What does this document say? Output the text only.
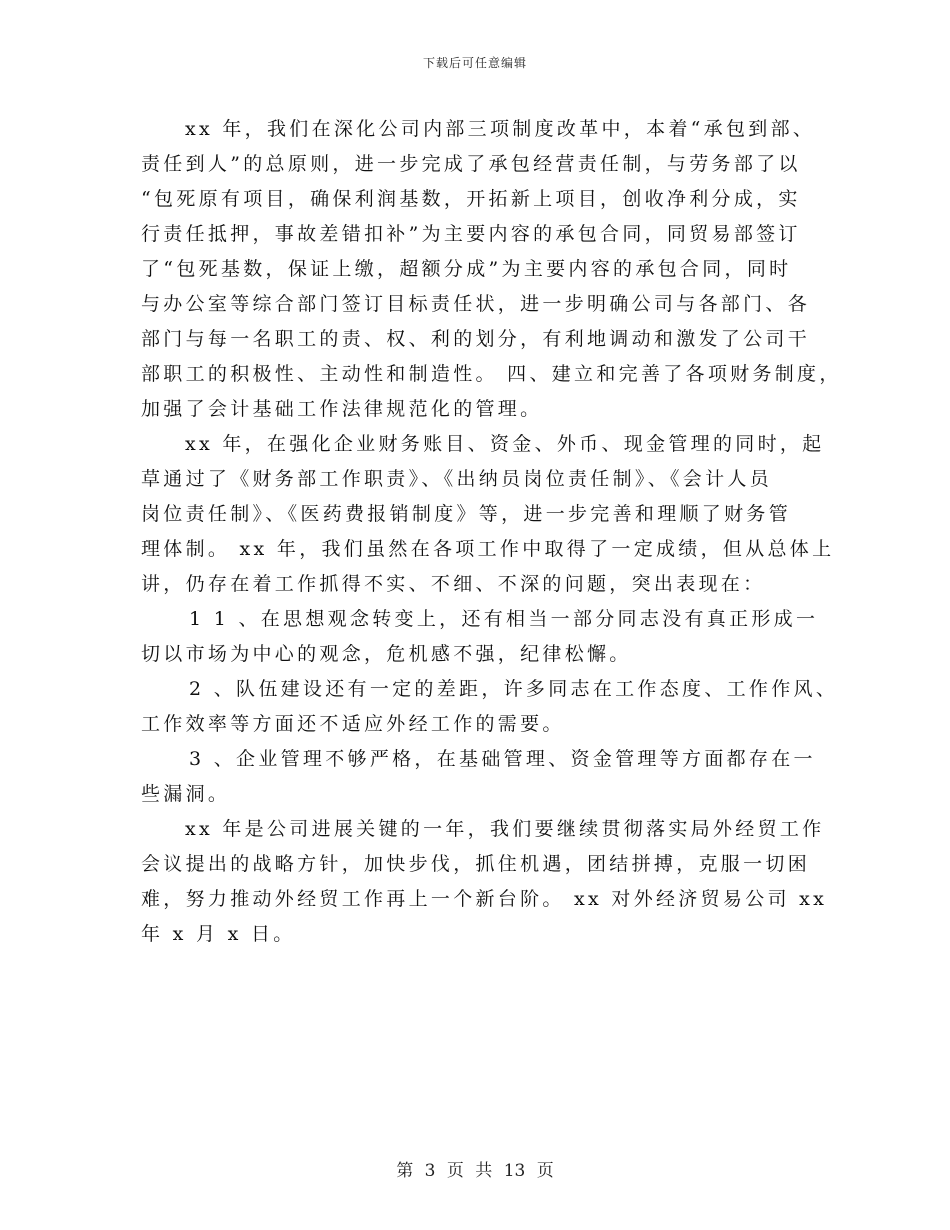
下载后可任意编辑
xx 年，我们在深化公司内部三项制度改革中，本着“承包到部、
责任到人”的总原则，进一步完成了承包经营责任制，与劳务部了以
“包死原有项目，确保利润基数，开拓新上项目，创收净利分成，实
行责任抵押，事故差错扣补”为主要内容的承包合同，同贸易部签订
了“包死基数，保证上缴，超额分成”为主要内容的承包合同，同时
与办公室等综合部门签订目标责任状，进一步明确公司与各部门、各
部门与每一名职工的责、权、利的划分，有利地调动和激发了公司干
部职工的积极性、主动性和制造性。 四、建立和完善了各项财务制度，
加强了会计基础工作法律规范化的管理。
xx 年，在强化企业财务账目、资金、外币、现金管理的同时，起
草通过了《财务部工作职责》、《出纳员岗位责任制》、《会计人员
岗位责任制》、《医药费报销制度》等，进一步完善和理顺了财务管
理体制。 xx 年，我们虽然在各项工作中取得了一定成绩，但从总体上
讲，仍存在着工作抓得不实、不细、不深的问题，突出表现在：
1 1 、在思想观念转变上，还有相当一部分同志没有真正形成一
切以市场为中心的观念，危机感不强，纪律松懈。
2 、队伍建设还有一定的差距，许多同志在工作态度、工作作风、
工作效率等方面还不适应外经工作的需要。
3 、企业管理不够严格，在基础管理、资金管理等方面都存在一
些漏洞。
xx 年是公司进展关键的一年，我们要继续贯彻落实局外经贸工作
会议提出的战略方针，加快步伐，抓住机遇，团结拼搏，克服一切困
难，努力推动外经贸工作再上一个新台阶。 xx 对外经济贸易公司 xx
年 x 月 x 日。
第 3 页 共 13 页
